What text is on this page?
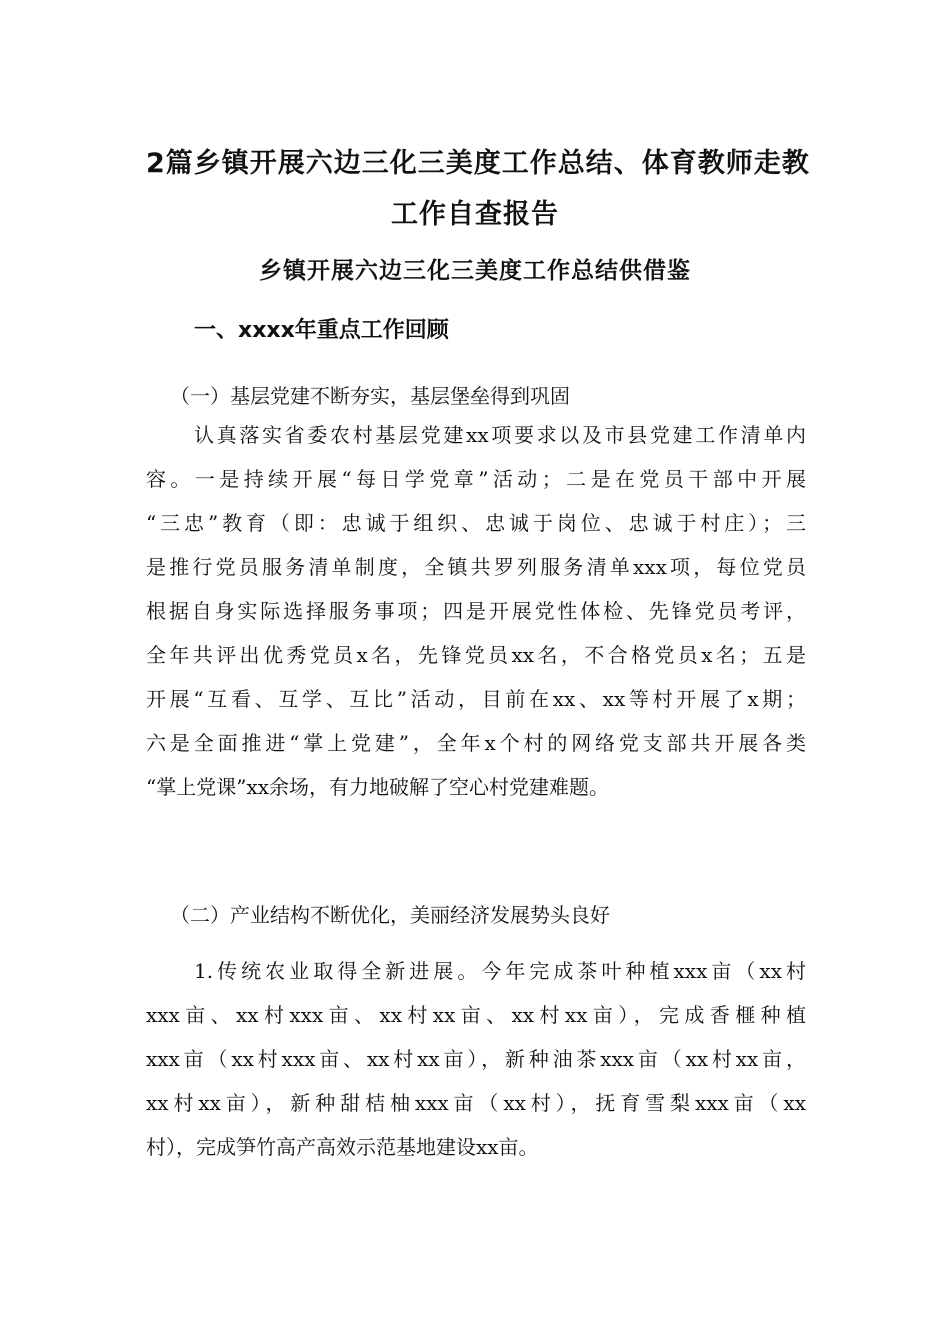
2篇乡镇开展六边三化三美度工作总结、体育教师走教
工作自查报告
乡镇开展六边三化三美度工作总结供借鉴
一、xxxx年重点工作回顾
（一）基层党建不断夯实，基层堡垒得到巩固
认真落实省委农村基层党建xx项要求以及市县党建工作清单内
容。一是持续开展“每日学党章”活动；二是在党员干部中开展
“三忠”教育（即：忠诚于组织、忠诚于岗位、忠诚于村庄）；三
是推行党员服务清单制度，全镇共罗列服务清单xxx项，每位党员
根据自身实际选择服务事项；四是开展党性体检、先锋党员考评，
全年共评出优秀党员x名，先锋党员xx名，不合格党员x名；五是
开展“互看、互学、互比”活动，目前在xx、xx等村开展了x期；
六是全面推进“掌上党建”，全年x个村的网络党支部共开展各类
“掌上党课”xx余场，有力地破解了空心村党建难题。
（二）产业结构不断优化，美丽经济发展势头良好
1.传统农业取得全新进展。今年完成茶叶种植xxx亩（xx村
xxx亩、xx村xxx亩、xx村xx亩、xx村xx亩），完成香榧种植
xxx亩（xx村xxx亩、xx村xx亩），新种油茶xxx亩（xx村xx亩，
xx村xx亩），新种甜桔柚xxx亩（xx村），抚育雪梨xxx亩（xx
村），完成笋竹高产高效示范基地建设xx亩。
